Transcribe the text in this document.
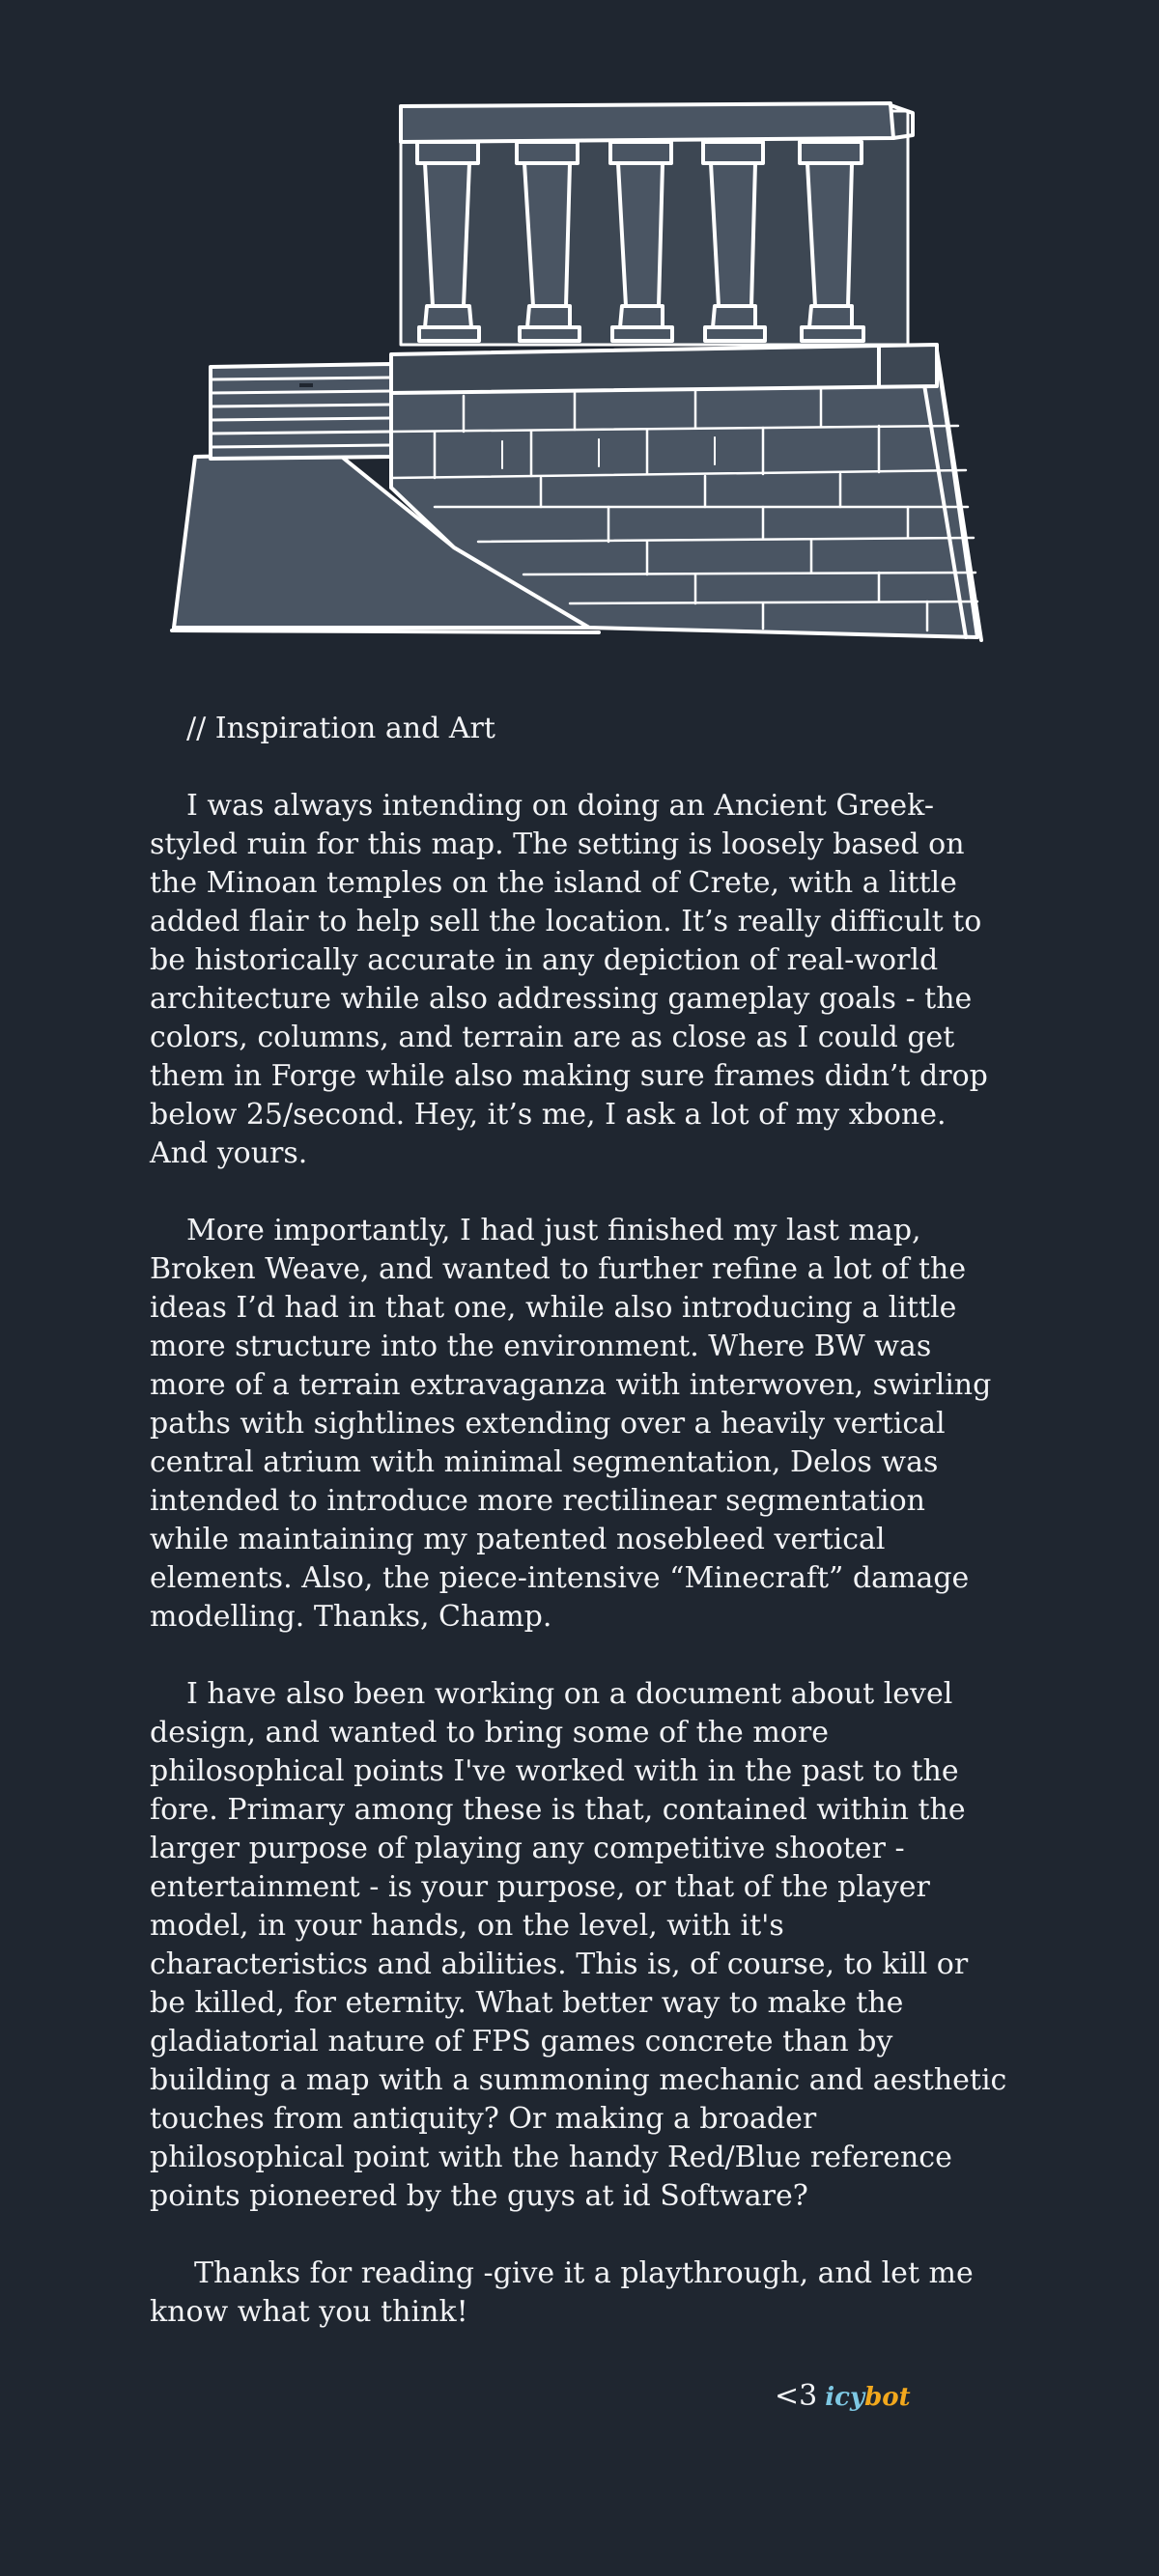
// Inspiration and Art

I was always intending on doing an Ancient Greek-styled ruin for this map. The setting is loosely based on the Minoan temples on the island of Crete, with a little added flair to help sell the location. It’s really difficult to be historically accurate in any depiction of real-world architecture while also addressing gameplay goals - the colors, columns, and terrain are as close as I could get them in Forge while also making sure frames didn’t drop below 25/second. Hey, it’s me, I ask a lot of my xbone. And yours.

More importantly, I had just finished my last map, Broken Weave, and wanted to further refine a lot of the ideas I’d had in that one, while also introducing a little more structure into the environment. Where BW was more of a terrain extravaganza with interwoven, swirling paths with sightlines extending over a heavily vertical central atrium with minimal segmentation, Delos was intended to introduce more rectilinear segmentation while maintaining my patented nosebleed vertical elements. Also, the piece-intensive “Minecraft” damage modelling. Thanks, Champ.

I have also been working on a document about level design, and wanted to bring some of the more philosophical points I've worked with in the past to the fore. Primary among these is that, contained within the larger purpose of playing any competitive shooter - entertainment - is your purpose, or that of the player model, in your hands, on the level, with it's characteristics and abilities. This is, of course, to kill or be killed, for eternity. What better way to make the gladiatorial nature of FPS games concrete than by building a map with a summoning mechanic and aesthetic touches from antiquity? Or making a broader philosophical point with the handy Red/Blue reference points pioneered by the guys at id Software?

Thanks for reading -give it a playthrough, and let me know what you think!

<3 icybot
